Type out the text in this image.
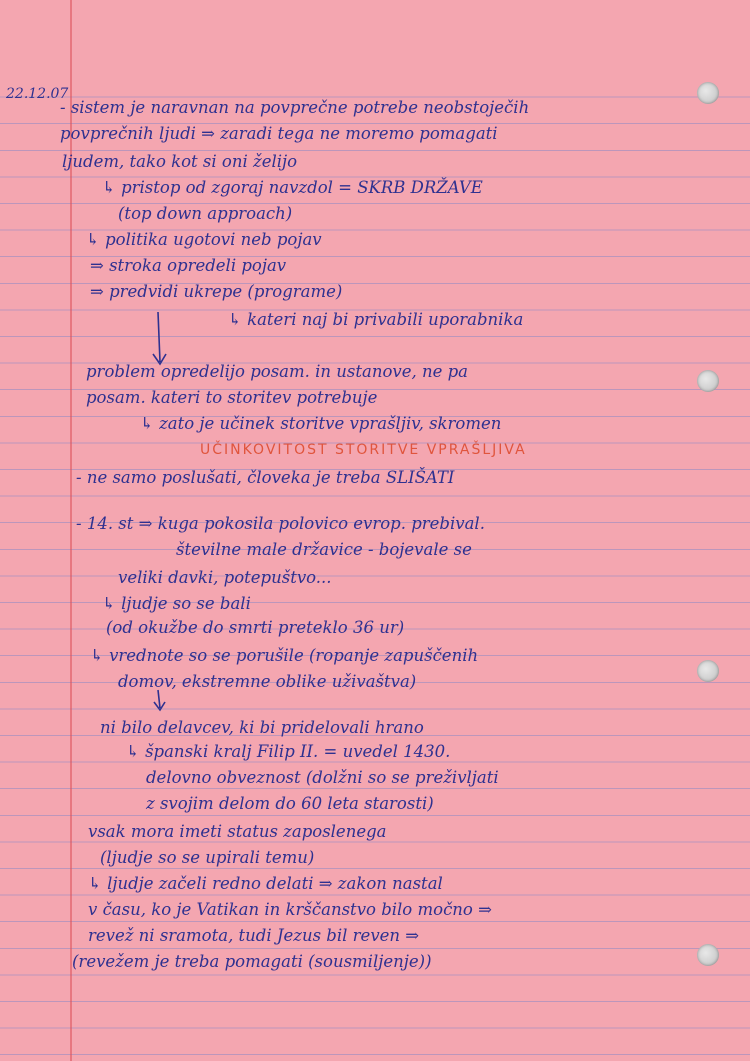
22.12.07
- sistem je naravnan na povprečne potrebe neobstoječih
povprečnih ljudi ⇒ zaradi tega ne moremo pomagati
ljudem, tako kot si oni želijo
↳ pristop od zgoraj navzdol = SKRB DRŽAVE
(top down approach)
↳ politika ugotovi neb pojav
⇒ stroka opredeli pojav
⇒ predvidi ukrepe (programe)
↳ kateri naj bi privabili uporabnika
problem opredelijo posam. in ustanove, ne pa
posam. kateri to storitev potrebuje
↳ zato je učinek storitve vprašljiv, skromen
UČINKOVITOST STORITVE VPRAŠLJIVA
- ne samo poslušati, človeka je treba SLIŠATI
- 14. st ⇒ kuga pokosila polovico evrop. prebival.
številne male državice - bojevale se
veliki davki, potepuštvo...
↳ ljudje so se bali
(od okužbe do smrti preteklo 36 ur)
↳ vrednote so se porušile (ropanje zapuščenih
domov, ekstremne oblike uživaštva)
ni bilo delavcev, ki bi pridelovali hrano
↳ španski kralj Filip II. = uvedel 1430.
delovno obveznost (dolžni so se preživljati
z svojim delom do 60 leta starosti)
vsak mora imeti status zaposlenega
(ljudje so se upirali temu)
↳ ljudje začeli redno delati ⇒ zakon nastal
v času, ko je Vatikan in krščanstvo bilo močno ⇒
revež ni sramota, tudi Jezus bil reven ⇒
(revežem je treba pomagati (sousmiljenje))
